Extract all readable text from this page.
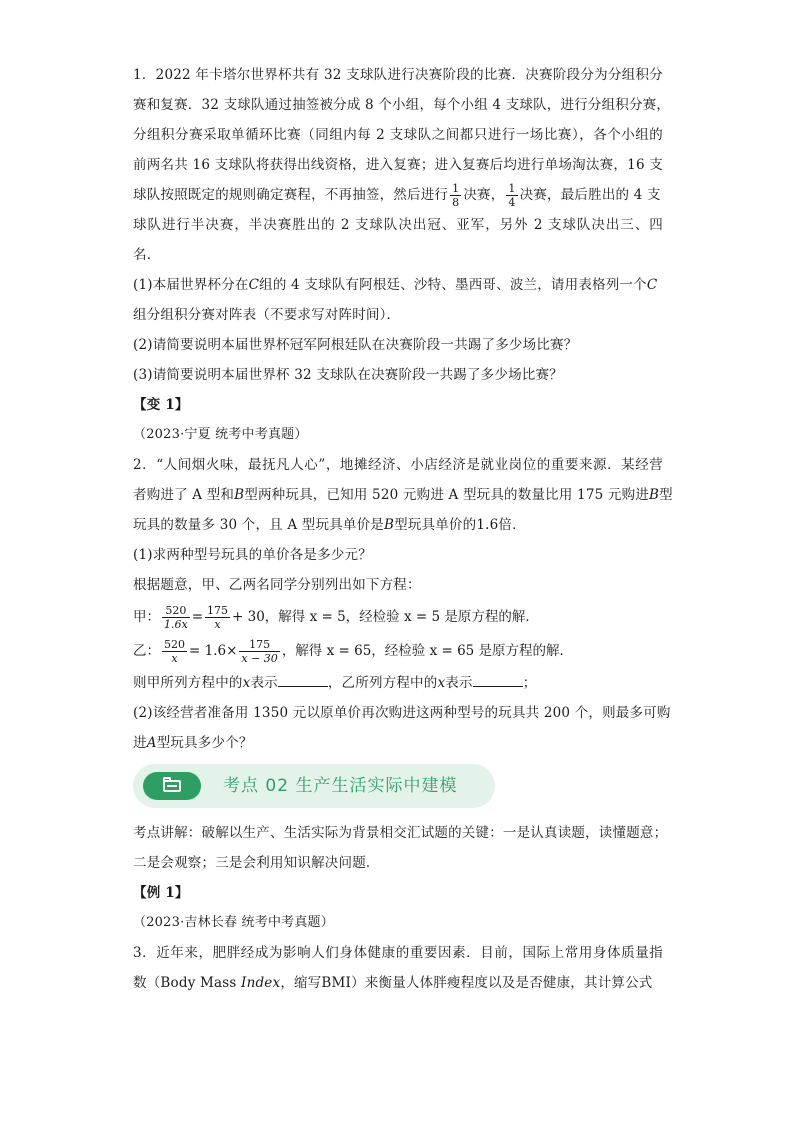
1．2022 年卡塔尔世界杯共有 32 支球队进行决赛阶段的比赛．决赛阶段分为分组积分
赛和复赛．32 支球队通过抽签被分成 8 个小组，每个小组 4 支球队，进行分组积分赛，
分组积分赛采取单循环比赛（同组内每 2 支球队之间都只进行一场比赛），各个小组的
前两名共 16 支球队将获得出线资格，进入复赛；进入复赛后均进行单场淘汰赛，16 支
球队按照既定的规则确定赛程，不再抽签，然后进行 $\frac{1}{8}$ 决赛， $\frac{1}{4}$ 决赛，最后胜出的 4 支
球队进行半决赛，半决赛胜出的 2 支球队决出冠、亚军，另外 2 支球队决出三、四
名．
(1)本届世界杯分在C组的 4 支球队有阿根廷、沙特、墨西哥、波兰，请用表格列一个C
组分组积分赛对阵表（不要求写对阵时间）．
(2)请简要说明本届世界杯冠军阿根廷队在决赛阶段一共踢了多少场比赛？
(3)请简要说明本届世界杯 32 支球队在决赛阶段一共踢了多少场比赛？
【变 1】
（2023·宁夏 统考中考真题）
2．“人间烟火味，最抚凡人心”，地摊经济、小店经济是就业岗位的重要来源．某经营
者购进了 A 型和B型两种玩具，已知用 520 元购进 A 型玩具的数量比用 175 元购进B型
玩具的数量多 30 个，且 A 型玩具单价是B型玩具单价的1.6倍．
(1)求两种型号玩具的单价各是多少元？
根据题意，甲、乙两名同学分别列出如下方程：
甲： $\frac{520}{1.6x} = \frac{175}{x} + 30$，解得 x = 5，经检验 x = 5 是原方程的解．
乙： $\frac{520}{x} = 1.6\times \frac{175}{x - 30}$ ，解得 x = 65，经检验 x = 65 是原方程的解．
则甲所列方程中的x表示	，乙所列方程中的x表示	；
(2)该经营者准备用 1350 元以原单价再次购进这两种型号的玩具共 200 个，则最多可购
进A型玩具多少个？
考点 02 生产生活实际中建模
考点讲解：破解以生产、生活实际为背景相交汇试题的关键：一是认真读题，读懂题意；
二是会观察；三是会利用知识解决问题．
【例 1】
（2023·吉林长春 统考中考真题）
3．近年来，肥胖经成为影响人们身体健康的重要因素．目前，国际上常用身体质量指
数（Body Mass Index，缩写BMI）来衡量人体胖瘦程度以及是否健康，其计算公式
